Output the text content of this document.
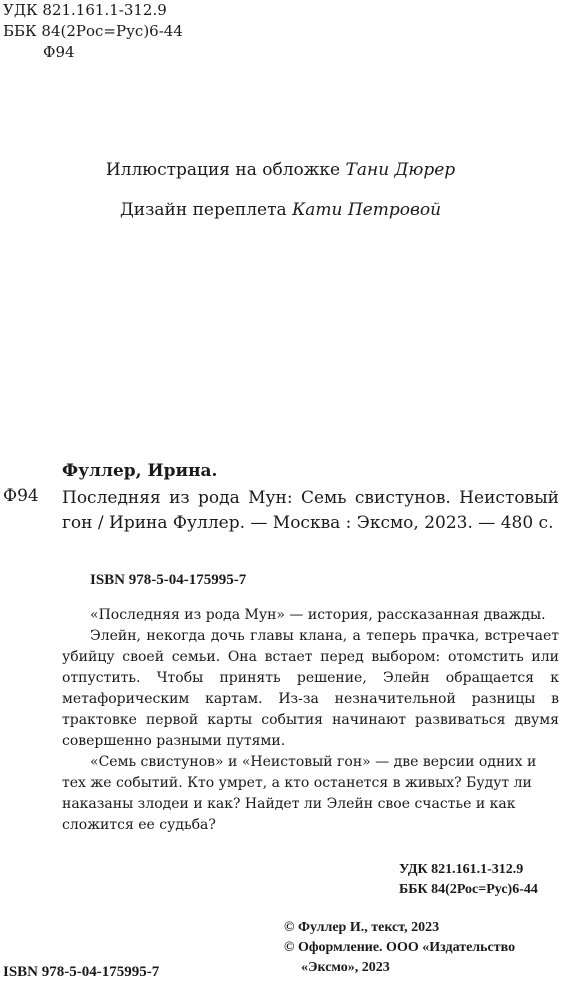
УДК 821.161.1-312.9
ББК 84(2Рос=Рус)6-44
Ф94
Иллюстрация на обложке Тани Дюрер
Дизайн переплета Кати Петровой
Фуллер, Ирина.
Ф94 Последняя из рода Мун: Семь свистунов. Неистовый гон / Ирина Фуллер. — Москва : Эксмо, 2023. — 480 с.
ISBN 978-5-04-175995-7

«Последняя из рода Мун» — история, рассказанная дважды.

Элейн, некогда дочь главы клана, а теперь прачка, встречает убийцу своей семьи. Она встает перед выбором: отомстить или отпустить. Чтобы принять решение, Элейн обращается к метафорическим картам. Из-за незначительной разницы в трактовке первой карты события начинают развиваться двумя совершенно разными путями.

«Семь свистунов» и «Неистовый гон» — две версии одних и тех же событий. Кто умрет, а кто останется в живых? Будут ли наказаны злодеи и как? Найдет ли Элейн свое счастье и как сложится ее судьба?

УДК 821.161.1-312.9
ББК 84(2Рос=Рус)6-44
© Фуллер И., текст, 2023
© Оформление. ООО «Издательство
«Эксмо», 2023
ISBN 978-5-04-175995-7
